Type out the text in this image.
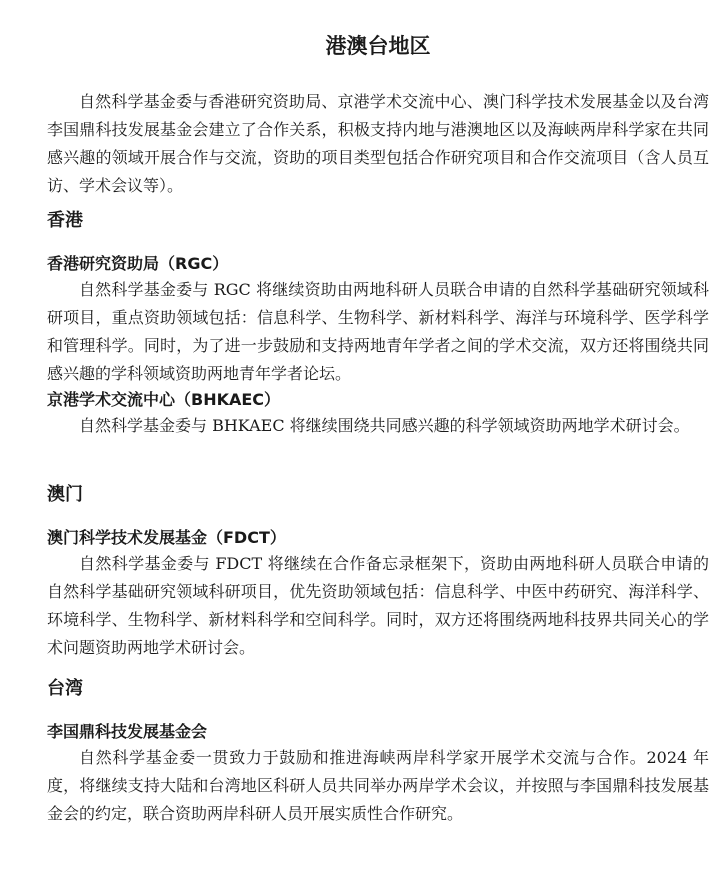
港澳台地区

自然科学基金委与香港研究资助局、京港学术交流中心、澳门科学技术发展基金以及台湾李国鼎科技发展基金会建立了合作关系，积极支持内地与港澳地区以及海峡两岸科学家在共同感兴趣的领域开展合作与交流，资助的项目类型包括合作研究项目和合作交流项目（含人员互访、学术会议等）。

香港
香港研究资助局（RGC）

自然科学基金委与 RGC 将继续资助由两地科研人员联合申请的自然科学基础研究领域科研项目，重点资助领域包括：信息科学、生物科学、新材料科学、海洋与环境科学、医学科学和管理科学。同时，为了进一步鼓励和支持两地青年学者之间的学术交流，双方还将围绕共同感兴趣的学科领域资助两地青年学者论坛。

京港学术交流中心（BHKAEC）

自然科学基金委与 BHKAEC 将继续围绕共同感兴趣的科学领域资助两地学术研讨会。

澳门
澳门科学技术发展基金（FDCT）

自然科学基金委与 FDCT 将继续在合作备忘录框架下，资助由两地科研人员联合申请的自然科学基础研究领域科研项目，优先资助领域包括：信息科学、中医中药研究、海洋科学、环境科学、生物科学、新材料科学和空间科学。同时，双方还将围绕两地科技界共同关心的学术问题资助两地学术研讨会。

台湾
李国鼎科技发展基金会

自然科学基金委一贯致力于鼓励和推进海峡两岸科学家开展学术交流与合作。2024 年度，将继续支持大陆和台湾地区科研人员共同举办两岸学术会议，并按照与李国鼎科技发展基金会的约定，联合资助两岸科研人员开展实质性合作研究。
